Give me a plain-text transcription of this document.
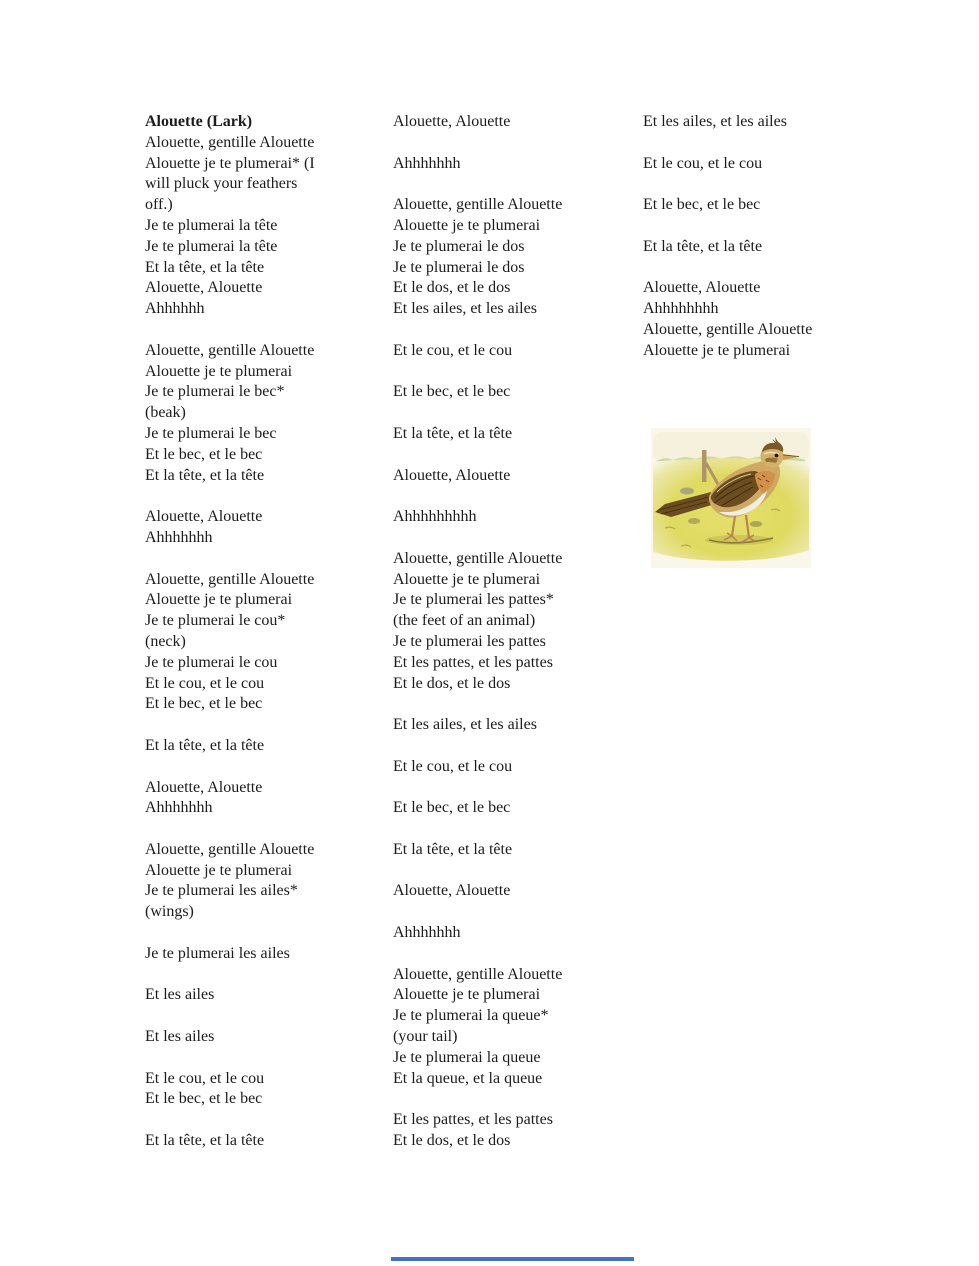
Alouette (Lark)
Alouette, gentille Alouette
Alouette je te plumerai* (I
will pluck your feathers
off.)
Je te plumerai la tête
Je te plumerai la tête
Et la tête, et la tête
Alouette, Alouette
Ahhhhhh

Alouette, gentille Alouette
Alouette je te plumerai
Je te plumerai le bec*
(beak)
Je te plumerai le bec
Et le bec, et le bec
Et la tête, et la tête

Alouette, Alouette
Ahhhhhhh

Alouette, gentille Alouette
Alouette je te plumerai
Je te plumerai le cou*
(neck)
Je te plumerai le cou
Et le cou, et le cou
Et le bec, et le bec

Et la tête, et la tête

Alouette, Alouette
Ahhhhhhh

Alouette, gentille Alouette
Alouette je te plumerai
Je te plumerai les ailes*
(wings)

Je te plumerai les ailes

Et les ailes

Et les ailes

Et le cou, et le cou
Et le bec, et le bec

Et la tête, et la tête
Alouette, Alouette

Ahhhhhhh

Alouette, gentille Alouette
Alouette je te plumerai
Je te plumerai le dos
Je te plumerai le dos
Et le dos, et le dos
Et les ailes, et les ailes

Et le cou, et le cou

Et le bec, et le bec

Et la tête, et la tête

Alouette, Alouette

Ahhhhhhhhh

Alouette, gentille Alouette
Alouette je te plumerai
Je te plumerai les pattes*
(the feet of an animal)
Je te plumerai les pattes
Et les pattes, et les pattes
Et le dos, et le dos

Et les ailes, et les ailes

Et le cou, et le cou

Et le bec, et le bec

Et la tête, et la tête

Alouette, Alouette

Ahhhhhhh

Alouette, gentille Alouette
Alouette je te plumerai
Je te plumerai la queue*
(your tail)
Je te plumerai la queue
Et la queue, et la queue

Et les pattes, et les pattes
Et le dos, et le dos
Et les ailes, et les ailes

Et le cou, et le cou

Et le bec, et le bec

Et la tête, et la tête

Alouette, Alouette
Ahhhhhhhh
Alouette, gentille Alouette
Alouette je te plumerai
